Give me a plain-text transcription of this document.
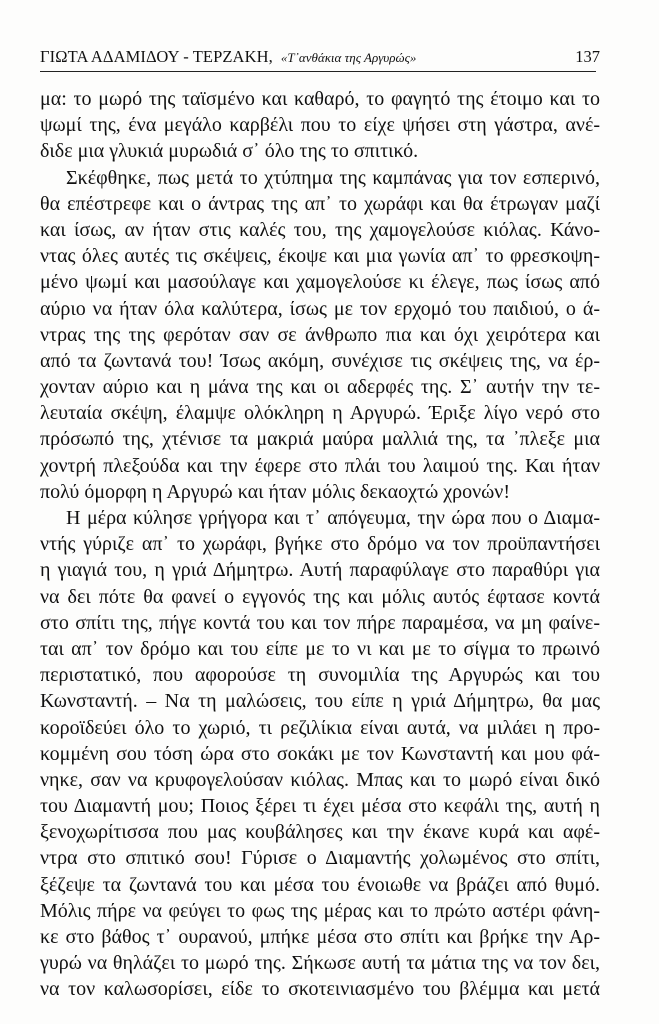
ΓΙΩΤΑ ΑΔΑΜΙΔΟΥ - ΤΕΡΖΑΚΗ, «Τ᾽ανθάκια της Αργυρώς»	137
μα: το μωρό της ταϊσμένο και καθαρό, το φαγητό της έτοιμο και το
ψωμί της, ένα μεγάλο καρβέλι που το είχε ψήσει στη γάστρα, ανέ-
διδε μια γλυκιά μυρωδιά σ᾽ όλο της το σπιτικό.
Σκέφθηκε, πως μετά το χτύπημα της καμπάνας για τον εσπερινό,
θα επέστρεφε και ο άντρας της απ᾽ το χωράφι και θα έτρωγαν μαζί
και ίσως, αν ήταν στις καλές του, της χαμογελούσε κιόλας. Κάνο-
ντας όλες αυτές τις σκέψεις, έκοψε και μια γωνία απ᾽ το φρεσκοψη-
μένο ψωμί και μασούλαγε και χαμογελούσε κι έλεγε, πως ίσως από
αύριο να ήταν όλα καλύτερα, ίσως με τον ερχομό του παιδιού, ο ά-
ντρας της της φερόταν σαν σε άνθρωπο πια και όχι χειρότερα και
από τα ζωντανά του! Ίσως ακόμη, συνέχισε τις σκέψεις της, να έρ-
χονταν αύριο και η μάνα της και οι αδερφές της. Σ᾽ αυτήν την τε-
λευταία σκέψη, έλαμψε ολόκληρη η Αργυρώ. Έριξε λίγο νερό στο
πρόσωπό της, χτένισε τα μακριά μαύρα μαλλιά της, τα ᾽πλεξε μια
χοντρή πλεξούδα και την έφερε στο πλάι του λαιμού της. Και ήταν
πολύ όμορφη η Αργυρώ και ήταν μόλις δεκαοχτώ χρονών!
Η μέρα κύλησε γρήγορα και τ᾽ απόγευμα, την ώρα που ο Διαμα-
ντής γύριζε απ᾽ το χωράφι, βγήκε στο δρόμο να τον προϋπαντήσει
η γιαγιά του, η γριά Δήμητρω. Αυτή παραφύλαγε στο παραθύρι για
να δει πότε θα φανεί ο εγγονός της και μόλις αυτός έφτασε κοντά
στο σπίτι της, πήγε κοντά του και τον πήρε παραμέσα, να μη φαίνε-
ται απ᾽ τον δρόμο και του είπε με το νι και με το σίγμα το πρωινό
περιστατικό, που αφορούσε τη συνομιλία της Αργυρώς και του
Κωνσταντή. – Να τη μαλώσεις, του είπε η γριά Δήμητρω, θα μας
κοροϊδεύει όλο το χωριό, τι ρεζιλίκια είναι αυτά, να μιλάει η προ-
κομμένη σου τόση ώρα στο σοκάκι με τον Κωνσταντή και μου φά-
νηκε, σαν να κρυφογελούσαν κιόλας. Μπας και το μωρό είναι δικό
του Διαμαντή μου; Ποιος ξέρει τι έχει μέσα στο κεφάλι της, αυτή η
ξενοχωρίτισσα που μας κουβάλησες και την έκανε κυρά και αφέ-
ντρα στο σπιτικό σου! Γύρισε ο Διαμαντής χολωμένος στο σπίτι,
ξέζεψε τα ζωντανά του και μέσα του ένοιωθε να βράζει από θυμό.
Μόλις πήρε να φεύγει το φως της μέρας και το πρώτο αστέρι φάνη-
κε στο βάθος τ᾽ ουρανού, μπήκε μέσα στο σπίτι και βρήκε την Αρ-
γυρώ να θηλάζει το μωρό της. Σήκωσε αυτή τα μάτια της να τον δει,
να τον καλωσορίσει, είδε το σκοτεινιασμένο του βλέμμα και μετά
